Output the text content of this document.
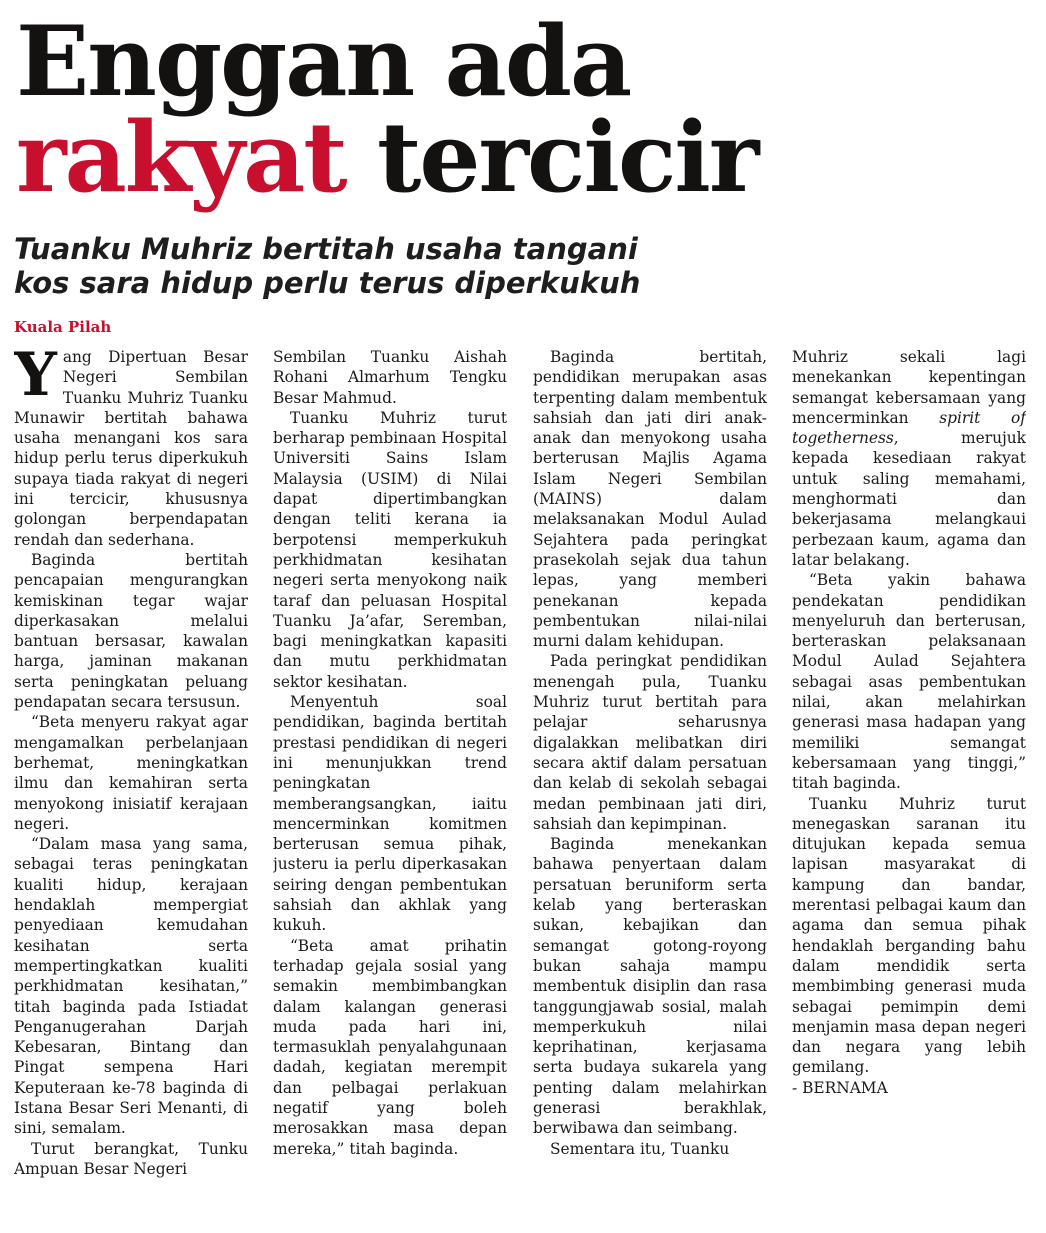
Enggan ada
rakyat tercicir
Tuanku Muhriz bertitah usaha tangani
kos sara hidup perlu terus diperkukuh
Kuala Pilah
Y ang Dipertuan Besar Negeri Sembilan Tuanku Muhriz Tuanku Munawir bertitah bahawa usaha menangani kos sara hidup perlu terus diperkukuh supaya tiada rakyat di negeri ini tercicir, khususnya golongan berpendapatan rendah dan sederhana.

Baginda bertitah pencapaian mengurangkan kemiskinan tegar wajar diperkasakan melalui bantuan bersasar, kawalan harga, jaminan makanan serta peningkatan peluang pendapatan secara tersusun.

“Beta menyeru rakyat agar mengamalkan perbelanjaan berhemat, meningkatkan ilmu dan kemahiran serta menyokong inisiatif kerajaan negeri.

“Dalam masa yang sama, sebagai teras peningkatan kualiti hidup, kerajaan hendaklah mempergiat penyediaan kemudahan kesihatan serta mempertingkatkan kualiti perkhidmatan kesihatan,” titah baginda pada Istiadat Penganugerahan Darjah Kebesaran, Bintang dan Pingat sempena Hari Keputeraan ke-78 baginda di Istana Besar Seri Menanti, di sini, semalam.

Turut berangkat, Tunku Ampuan Besar Negeri

Sembilan Tuanku Aishah Rohani Almarhum Tengku Besar Mahmud.

Tuanku Muhriz turut berharap pembinaan Hospital Universiti Sains Islam Malaysia (USIM) di Nilai dapat dipertimbangkan dengan teliti kerana ia berpotensi memperkukuh perkhidmatan kesihatan negeri serta menyokong naik taraf dan peluasan Hospital Tuanku Ja’afar, Seremban, bagi meningkatkan kapasiti dan mutu perkhidmatan sektor kesihatan.

Menyentuh soal pendidikan, baginda bertitah prestasi pendidikan di negeri ini menunjukkan trend peningkatan memberangsangkan, iaitu mencerminkan komitmen berterusan semua pihak, justeru ia perlu diperkasakan seiring dengan pembentukan sahsiah dan akhlak yang kukuh.

“Beta amat prihatin terhadap gejala sosial yang semakin membimbangkan dalam kalangan generasi muda pada hari ini, termasuklah penyalahgunaan dadah, kegiatan merempit dan pelbagai perlakuan negatif yang boleh merosakkan masa depan mereka,” titah baginda.

Baginda bertitah, pendidikan merupakan asas terpenting dalam membentuk sahsiah dan jati diri anak-anak dan menyokong usaha berterusan Majlis Agama Islam Negeri Sembilan (MAINS) dalam melaksanakan Modul Aulad Sejahtera pada peringkat prasekolah sejak dua tahun lepas, yang memberi penekanan kepada pembentukan nilai-nilai murni dalam kehidupan.

Pada peringkat pendidikan menengah pula, Tuanku Muhriz turut bertitah para pelajar seharusnya digalakkan melibatkan diri secara aktif dalam persatuan dan kelab di sekolah sebagai medan pembinaan jati diri, sahsiah dan kepimpinan.

Baginda menekankan bahawa penyertaan dalam persatuan beruniform serta kelab yang berteraskan sukan, kebajikan dan semangat gotong-royong bukan sahaja mampu membentuk disiplin dan rasa tanggungjawab sosial, malah memperkukuh nilai keprihatinan, kerjasama serta budaya sukarela yang penting dalam melahirkan generasi berakhlak, berwibawa dan seimbang.

Sementara itu, Tuanku

Muhriz sekali lagi menekankan kepentingan semangat kebersamaan yang mencerminkan spirit of togetherness, merujuk kepada kesediaan rakyat untuk saling memahami, menghormati dan bekerjasama melangkaui perbezaan kaum, agama dan latar belakang.

“Beta yakin bahawa pendekatan pendidikan menyeluruh dan berterusan, berteraskan pelaksanaan Modul Aulad Sejahtera sebagai asas pembentukan nilai, akan melahirkan generasi masa hadapan yang memiliki semangat kebersamaan yang tinggi,” titah baginda.

Tuanku Muhriz turut menegaskan saranan itu ditujukan kepada semua lapisan masyarakat di kampung dan bandar, merentasi pelbagai kaum dan agama dan semua pihak hendaklah berganding bahu dalam mendidik serta membimbing generasi muda sebagai pemimpin demi menjamin masa depan negeri dan negara yang lebih gemilang.

- BERNAMA
